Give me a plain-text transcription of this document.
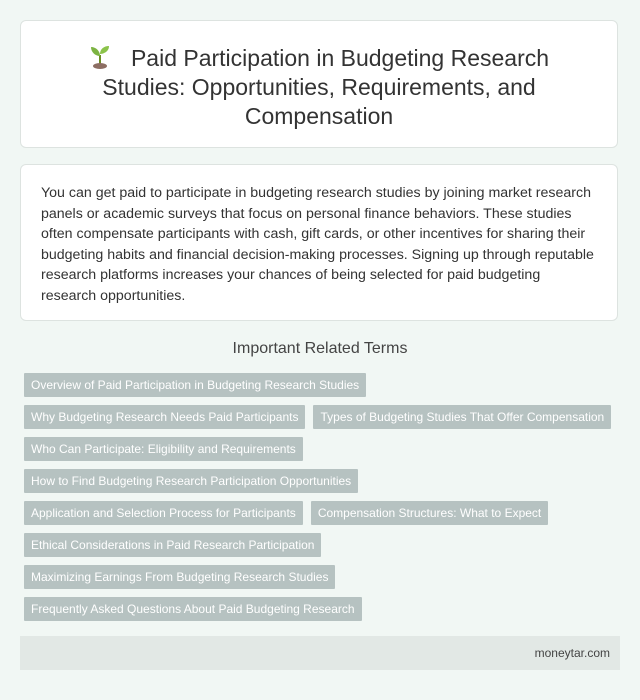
Paid Participation in Budgeting Research Studies: Opportunities, Requirements, and Compensation

You can get paid to participate in budgeting research studies by joining market research panels or academic surveys that focus on personal finance behaviors. These studies often compensate participants with cash, gift cards, or other incentives for sharing their budgeting habits and financial decision-making processes. Signing up through reputable research platforms increases your chances of being selected for paid budgeting research opportunities.

Important Related Terms
Overview of Paid Participation in Budgeting Research Studies
Why Budgeting Research Needs Paid Participants	Types of Budgeting Studies That Offer Compensation
Who Can Participate: Eligibility and Requirements
How to Find Budgeting Research Participation Opportunities
Application and Selection Process for Participants	Compensation Structures: What to Expect
Ethical Considerations in Paid Research Participation
Maximizing Earnings From Budgeting Research Studies
Frequently Asked Questions About Paid Budgeting Research
moneytar.com
